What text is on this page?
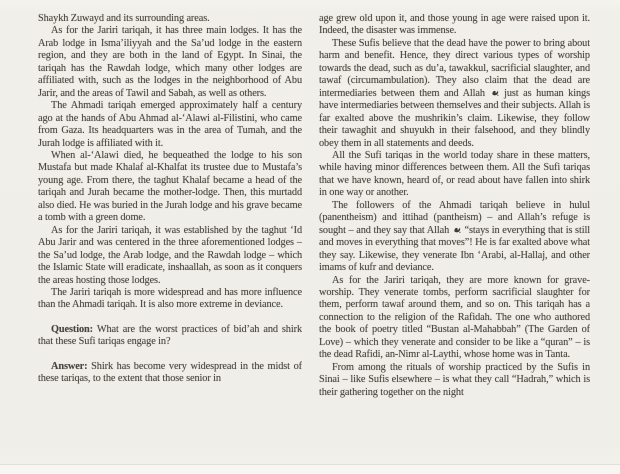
Shaykh Zuwayd and its surrounding areas.

As for the Jariri tariqah, it has three main lodges. It has the Arab lodge in Isma’iliyyah and the Sa’ud lodge in the eastern region, and they are both in the land of Egypt. In Sinai, the tariqah has the Rawdah lodge, which many other lodges are affiliated with, such as the lodges in the neighborhood of Abu Jarir, and the areas of Tawil and Sabah, as well as others.

The Ahmadi tariqah emerged approximately half a century ago at the hands of Abu Ahmad al-‘Alawi al-Filistini, who came from Gaza. Its headquarters was in the area of Tumah, and the Jurah lodge is affiliated with it.

When al-‘Alawi died, he bequeathed the lodge to his son Mustafa but made Khalaf al-Khalfat its trustee due to Mustafa’s young age. From there, the taghut Khalaf became a head of the tariqah and Jurah became the mother-lodge. Then, this murtadd also died. He was buried in the Jurah lodge and his grave became a tomb with a green dome.

As for the Jariri tariqah, it was established by the taghut ‘Id Abu Jarir and was centered in the three aforementioned lodges – the Sa’ud lodge, the Arab lodge, and the Rawdah lodge – which the Islamic State will eradicate, inshaallah, as soon as it conquers the areas hosting those lodges.

The Jariri tariqah is more widespread and has more influence than the Ahmadi tariqah. It is also more extreme in deviance.

Question: What are the worst practices of bid’ah and shirk that these Sufi tariqas engage in?

Answer: Shirk has become very widespread in the midst of these tariqas, to the extent that those senior in

age grew old upon it, and those young in age were raised upon it. Indeed, the disaster was immense.

These Sufis believe that the dead have the power to bring about harm and benefit. Hence, they direct various types of worship towards the dead, such as du’a, tawakkul, sacrificial slaughter, and tawaf (circumambulation). They also claim that the dead are intermediaries between them and Allah
just as human kings have intermediaries between themselves and their subjects. Allah is far exalted above the mushrikin’s claim. Likewise, they follow their tawaghit and shuyukh in their falsehood, and they blindly obey them in all statements and deeds.

All the Sufi tariqas in the world today share in these matters, while having minor differences between them. All the Sufi tariqas that we have known, heard of, or read about have fallen into shirk in one way or another.

The followers of the Ahmadi tariqah believe in hulul (panentheism) and ittihad (pantheism) – and Allah’s refuge is sought – and they say that Allah
“stays in everything that is still and moves in everything that moves”! He is far exalted above what they say. Likewise, they venerate Ibn ‘Arabi, al-Hallaj, and other imams of kufr and deviance.

As for the Jariri tariqah, they are more known for grave-worship. They venerate tombs, perform sacrificial slaughter for them, perform tawaf around them, and so on. This tariqah has a connection to the religion of the Rafidah. The one who authored the book of poetry titled “Bustan al-Mahabbah” (The Garden of Love) – which they venerate and consider to be like a “quran” – is the dead Rafidi, an-Nimr al-Laythi, whose home was in Tanta.

From among the rituals of worship practiced by the Sufis in Sinai – like Sufis elsewhere – is what they call “Hadrah,” which is their gathering together on the night
